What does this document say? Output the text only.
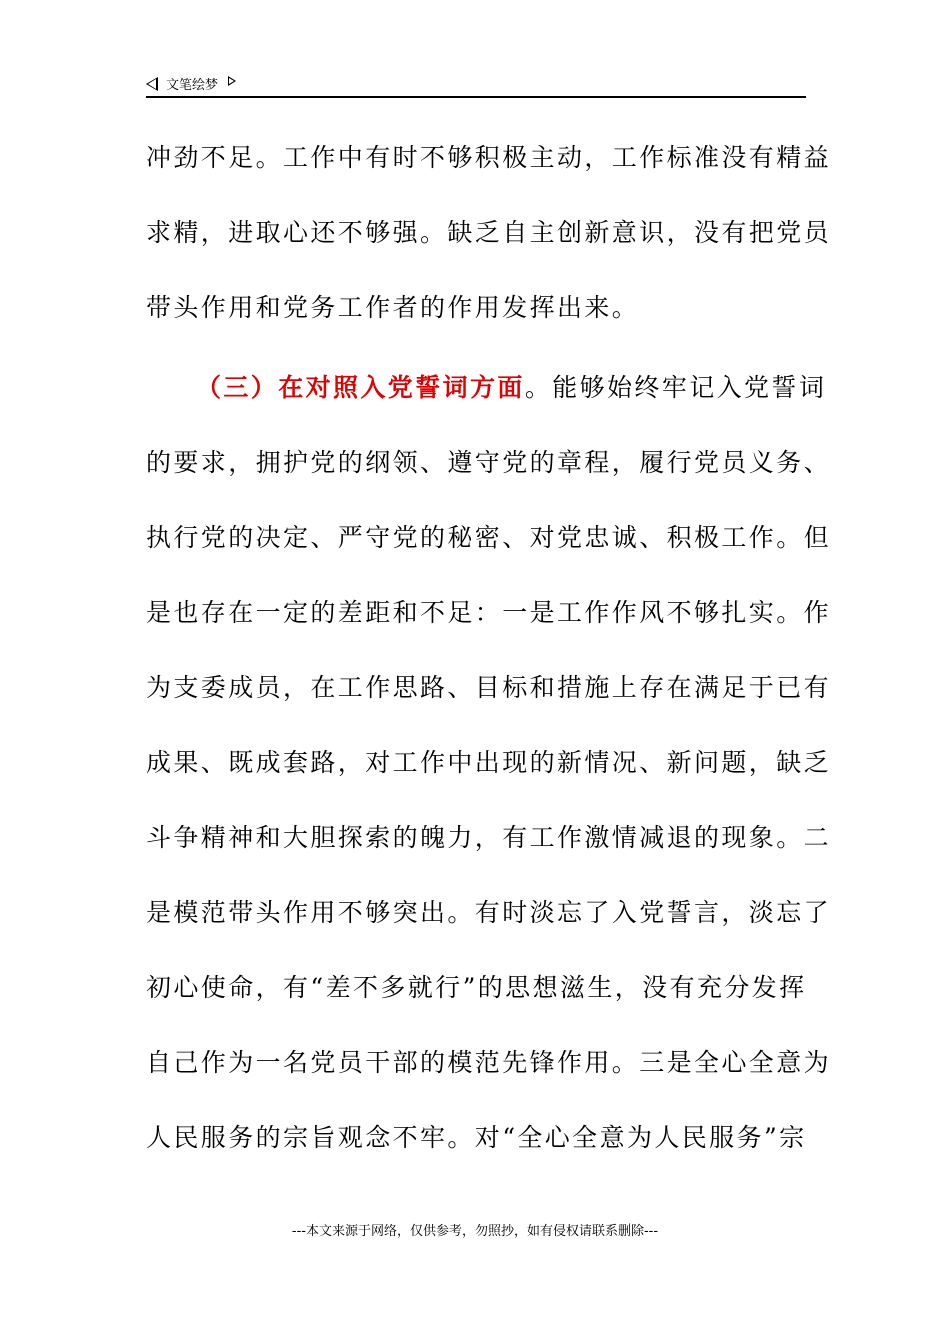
文笔绘梦
冲劲不足。工作中有时不够积极主动，工作标准没有精益
求精，进取心还不够强。缺乏自主创新意识，没有把党员
带头作用和党务工作者的作用发挥出来。
（三）在对照入党誓词方面。能够始终牢记入党誓词
的要求，拥护党的纲领、遵守党的章程，履行党员义务、
执行党的决定、严守党的秘密、对党忠诚、积极工作。但
是也存在一定的差距和不足：一是工作作风不够扎实。作
为支委成员，在工作思路、目标和措施上存在满足于已有
成果、既成套路，对工作中出现的新情况、新问题，缺乏
斗争精神和大胆探索的魄力，有工作激情减退的现象。二
是模范带头作用不够突出。有时淡忘了入党誓言，淡忘了
初心使命，有“差不多就行”的思想滋生，没有充分发挥
自己作为一名党员干部的模范先锋作用。三是全心全意为
人民服务的宗旨观念不牢。对“全心全意为人民服务”宗
---本文来源于网络，仅供参考，勿照抄，如有侵权请联系删除---
